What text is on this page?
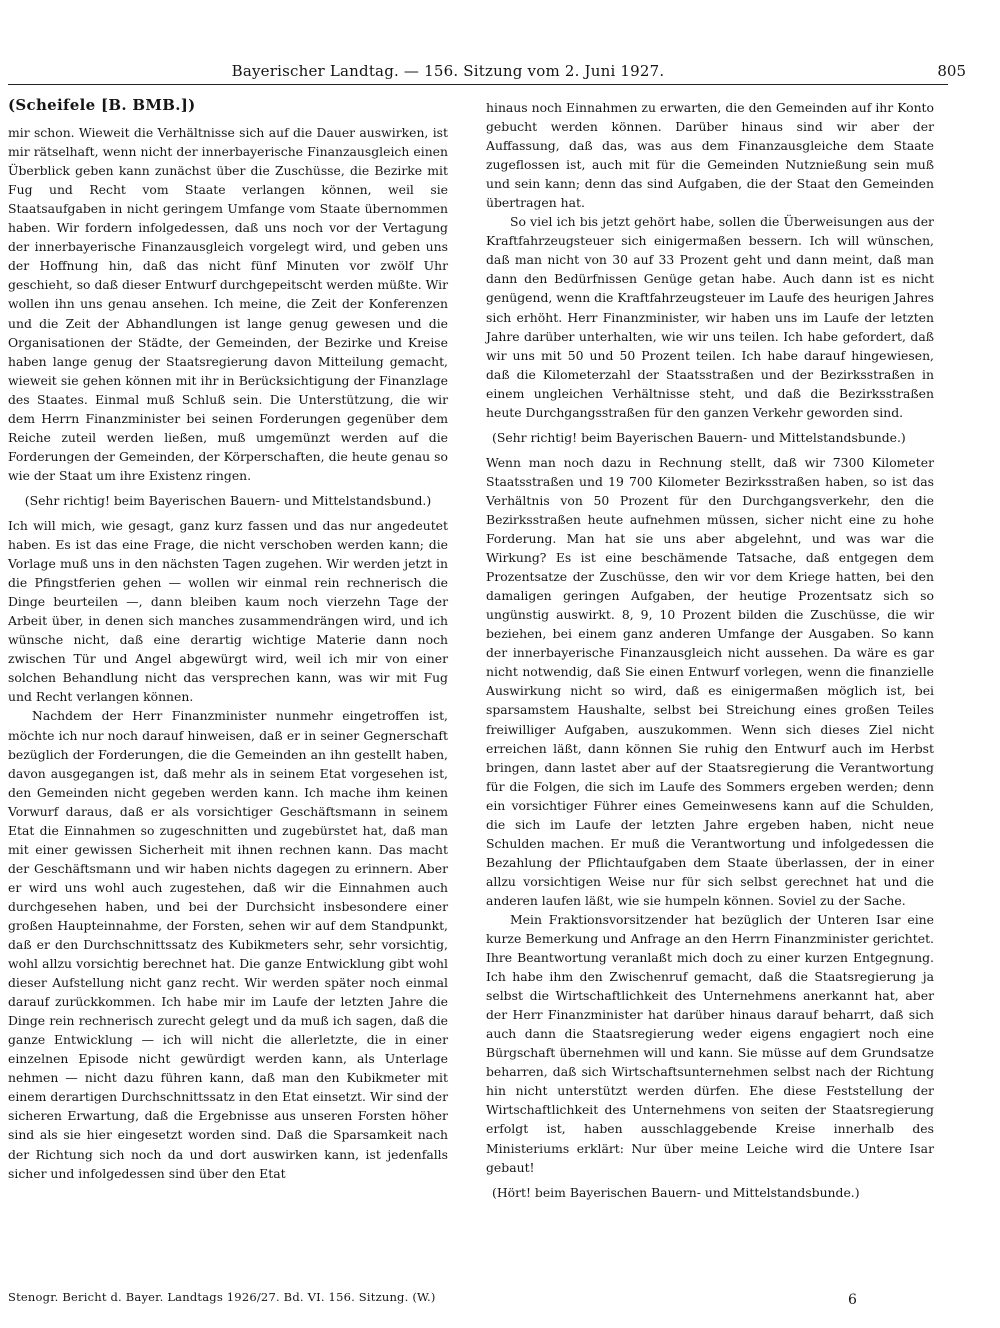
Bayerischer Landtag. — 156. Sitzung vom 2. Juni 1927.	805

(Scheifele [B. BMB.])

mir schon. Wieweit die Verhältnisse sich auf die Dauer auswirken, ist mir rätselhaft, wenn nicht der innerbayerische Finanzausgleich einen Überblick geben kann zunächst über die Zuschüsse, die Bezirke mit Fug und Recht vom Staate verlangen können, weil sie Staatsaufgaben in nicht geringem Umfange vom Staate übernommen haben. Wir fordern infolgedessen, daß uns noch vor der Vertagung der innerbayerische Finanzausgleich vorgelegt wird, und geben uns der Hoffnung hin, daß das nicht fünf Minuten vor zwölf Uhr geschieht, so daß dieser Entwurf durchgepeitscht werden müßte. Wir wollen ihn uns genau ansehen. Ich meine, die Zeit der Konferenzen und die Zeit der Abhandlungen ist lange genug gewesen und die Organisationen der Städte, der Gemeinden, der Bezirke und Kreise haben lange genug der Staatsregierung davon Mitteilung gemacht, wieweit sie gehen können mit ihr in Berücksichtigung der Finanzlage des Staates. Einmal muß Schluß sein. Die Unterstützung, die wir dem Herrn Finanzminister bei seinen Forderungen gegenüber dem Reiche zuteil werden ließen, muß umgemünzt werden auf die Forderungen der Gemeinden, der Körperschaften, die heute genau so wie der Staat um ihre Existenz ringen.

(Sehr richtig! beim Bayerischen Bauern- und Mittelstandsbund.)

Ich will mich, wie gesagt, ganz kurz fassen und das nur angedeutet haben. Es ist das eine Frage, die nicht verschoben werden kann; die Vorlage muß uns in den nächsten Tagen zugehen. Wir werden jetzt in die Pfingstferien gehen — wollen wir einmal rein rechnerisch die Dinge beurteilen —, dann bleiben kaum noch vierzehn Tage der Arbeit über, in denen sich manches zusammendrängen wird, und ich wünsche nicht, daß eine derartig wichtige Materie dann noch zwischen Tür und Angel abgewürgt wird, weil ich mir von einer solchen Behandlung nicht das versprechen kann, was wir mit Fug und Recht verlangen können.

Nachdem der Herr Finanzminister nunmehr eingetroffen ist, möchte ich nur noch darauf hinweisen, daß er in seiner Gegnerschaft bezüglich der Forderungen, die die Gemeinden an ihn gestellt haben, davon ausgegangen ist, daß mehr als in seinem Etat vorgesehen ist, den Gemeinden nicht gegeben werden kann. Ich mache ihm keinen Vorwurf daraus, daß er als vorsichtiger Geschäftsmann in seinem Etat die Einnahmen so zugeschnitten und zugebürstet hat, daß man mit einer gewissen Sicherheit mit ihnen rechnen kann. Das macht der Geschäftsmann und wir haben nichts dagegen zu erinnern. Aber er wird uns wohl auch zugestehen, daß wir die Einnahmen auch durchgesehen haben, und bei der Durchsicht insbesondere einer großen Haupteinnahme, der Forsten, sehen wir auf dem Standpunkt, daß er den Durchschnittssatz des Kubikmeters sehr, sehr vorsichtig, wohl allzu vorsichtig berechnet hat. Die ganze Entwicklung gibt wohl dieser Aufstellung nicht ganz recht. Wir werden später noch einmal darauf zurückkommen. Ich habe mir im Laufe der letzten Jahre die Dinge rein rechnerisch zurecht gelegt und da muß ich sagen, daß die ganze Entwicklung — ich will nicht die allerletzte, die in einer einzelnen Episode nicht gewürdigt werden kann, als Unterlage nehmen — nicht dazu führen kann, daß man den Kubikmeter mit einem derartigen Durchschnittssatz in den Etat einsetzt. Wir sind der sicheren Erwartung, daß die Ergebnisse aus unseren Forsten höher sind als sie hier eingesetzt worden sind. Daß die Sparsamkeit nach der Richtung sich noch da und dort auswirken kann, ist jedenfalls sicher und infolgedessen sind über den Etat

hinaus noch Einnahmen zu erwarten, die den Gemeinden auf ihr Konto gebucht werden können. Darüber hinaus sind wir aber der Auffassung, daß das, was aus dem Finanzausgleiche dem Staate zugeflossen ist, auch mit für die Gemeinden Nutznießung sein muß und sein kann; denn das sind Aufgaben, die der Staat den Gemeinden übertragen hat.

So viel ich bis jetzt gehört habe, sollen die Überweisungen aus der Kraftfahrzeugsteuer sich einigermaßen bessern. Ich will wünschen, daß man nicht von 30 auf 33 Prozent geht und dann meint, daß man dann den Bedürfnissen Genüge getan habe. Auch dann ist es nicht genügend, wenn die Kraftfahrzeugsteuer im Laufe des heurigen Jahres sich erhöht. Herr Finanzminister, wir haben uns im Laufe der letzten Jahre darüber unterhalten, wie wir uns teilen. Ich habe gefordert, daß wir uns mit 50 und 50 Prozent teilen. Ich habe darauf hingewiesen, daß die Kilometerzahl der Staatsstraßen und der Bezirksstraßen in einem ungleichen Verhältnisse steht, und daß die Bezirksstraßen heute Durchgangsstraßen für den ganzen Verkehr geworden sind.

(Sehr richtig! beim Bayerischen Bauern- und Mittelstandsbunde.)

Wenn man noch dazu in Rechnung stellt, daß wir 7300 Kilometer Staatsstraßen und 19 700 Kilometer Bezirksstraßen haben, so ist das Verhältnis von 50 Prozent für den Durchgangsverkehr, den die Bezirksstraßen heute aufnehmen müssen, sicher nicht eine zu hohe Forderung. Man hat sie uns aber abgelehnt, und was war die Wirkung? Es ist eine beschämende Tatsache, daß entgegen dem Prozentsatze der Zuschüsse, den wir vor dem Kriege hatten, bei den damaligen geringen Aufgaben, der heutige Prozentsatz sich so ungünstig auswirkt. 8, 9, 10 Prozent bilden die Zuschüsse, die wir beziehen, bei einem ganz anderen Umfange der Ausgaben. So kann der innerbayerische Finanzausgleich nicht aussehen. Da wäre es gar nicht notwendig, daß Sie einen Entwurf vorlegen, wenn die finanzielle Auswirkung nicht so wird, daß es einigermaßen möglich ist, bei sparsamstem Haushalte, selbst bei Streichung eines großen Teiles freiwilliger Aufgaben, auszukommen. Wenn sich dieses Ziel nicht erreichen läßt, dann können Sie ruhig den Entwurf auch im Herbst bringen, dann lastet aber auf der Staatsregierung die Verantwortung für die Folgen, die sich im Laufe des Sommers ergeben werden; denn ein vorsichtiger Führer eines Gemeinwesens kann auf die Schulden, die sich im Laufe der letzten Jahre ergeben haben, nicht neue Schulden machen. Er muß die Verantwortung und infolgedessen die Bezahlung der Pflichtaufgaben dem Staate überlassen, der in einer allzu vorsichtigen Weise nur für sich selbst gerechnet hat und die anderen laufen läßt, wie sie humpeln können. Soviel zu der Sache.

Mein Fraktionsvorsitzender hat bezüglich der Unteren Isar eine kurze Bemerkung und Anfrage an den Herrn Finanzminister gerichtet. Ihre Beantwortung veranlaßt mich doch zu einer kurzen Entgegnung. Ich habe ihm den Zwischenruf gemacht, daß die Staatsregierung ja selbst die Wirtschaftlichkeit des Unternehmens anerkannt hat, aber der Herr Finanzminister hat darüber hinaus darauf beharrt, daß sich auch dann die Staatsregierung weder eigens engagiert noch eine Bürgschaft übernehmen will und kann. Sie müsse auf dem Grundsatze beharren, daß sich Wirtschaftsunternehmen selbst nach der Richtung hin nicht unterstützt werden dürfen. Ehe diese Feststellung der Wirtschaftlichkeit des Unternehmens von seiten der Staatsregierung erfolgt ist, haben ausschlaggebende Kreise innerhalb des Ministeriums erklärt: Nur über meine Leiche wird die Untere Isar gebaut!

(Hört! beim Bayerischen Bauern- und Mittelstandsbunde.)

Stenogr. Bericht d. Bayer. Landtags 1926/27. Bd. VI. 156. Sitzung. (W.)	6
